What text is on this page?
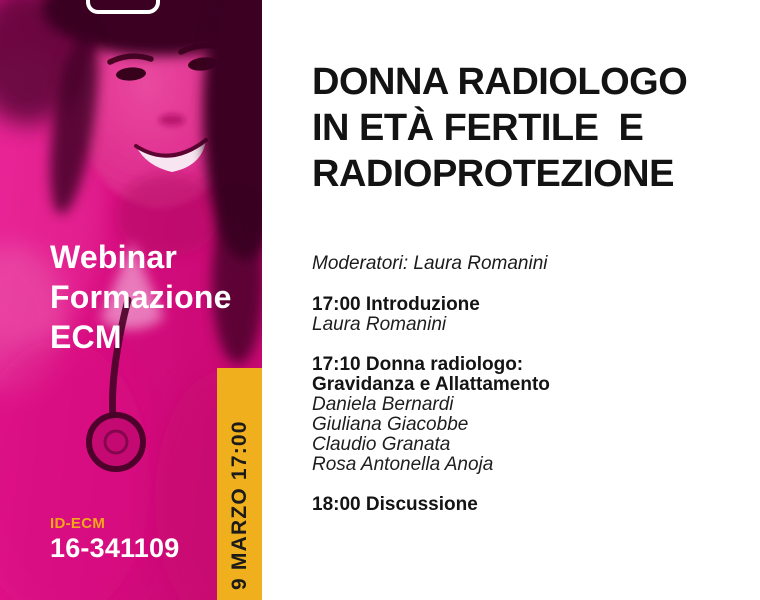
Webinar
Formazione
ECM
ID-ECM
16-341109	9 MARZO 17:00
DONNA RADIOLOGO
IN ETÀ FERTILE  E
RADIOPROTEZIONE

Moderatori: Laura Romanini

17:00 Introduzione
Laura Romanini
17:10 Donna radiologo:
Gravidanza e Allattamento
Daniela Bernardi
Giuliana Giacobbe
Claudio Granata
Rosa Antonella Anoja
18:00 Discussione
